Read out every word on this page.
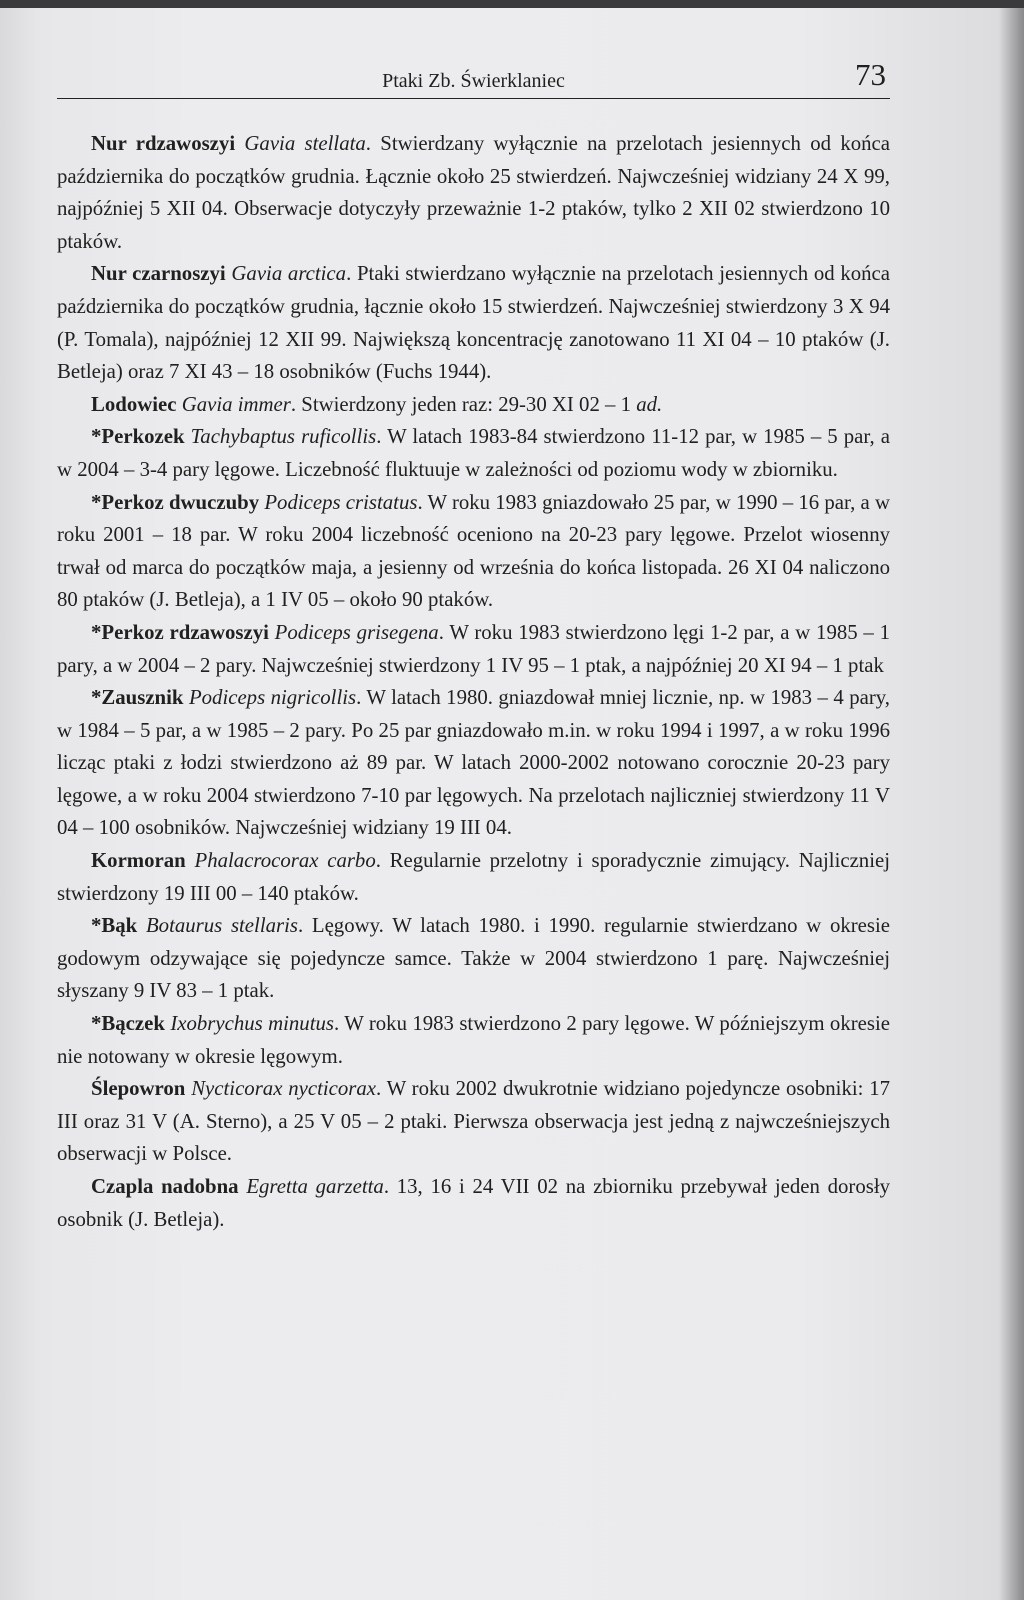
Ptaki Zb. Świerklaniec	73

Nur rdzawoszyi Gavia stellata. Stwierdzany wyłącznie na przelotach jesiennych od końca października do początków grudnia. Łącznie około 25 stwierdzeń. Najwcześniej widziany 24 X 99, najpóźniej 5 XII 04. Obserwacje dotyczyły przeważnie 1-2 ptaków, tylko 2 XII 02 stwierdzono 10 ptaków.

Nur czarnoszyi Gavia arctica. Ptaki stwierdzano wyłącznie na przelotach jesiennych od końca października do początków grudnia, łącznie około 15 stwierdzeń. Najwcześniej stwierdzony 3 X 94 (P. Tomala), najpóźniej 12 XII 99. Największą koncentrację zanotowano 11 XI 04 – 10 ptaków (J. Betleja) oraz 7 XI 43 – 18 osobników (Fuchs 1944).

Lodowiec Gavia immer. Stwierdzony jeden raz: 29-30 XI 02 – 1 ad.

*Perkozek Tachybaptus ruficollis. W latach 1983-84 stwierdzono 11-12 par, w 1985 – 5 par, a w 2004 – 3-4 pary lęgowe. Liczebność fluktuuje w zależności od poziomu wody w zbiorniku.

*Perkoz dwuczuby Podiceps cristatus. W roku 1983 gniazdowało 25 par, w 1990 – 16 par, a w roku 2001 – 18 par. W roku 2004 liczebność oceniono na 20-23 pary lęgowe. Przelot wiosenny trwał od marca do początków maja, a jesienny od września do końca listopada. 26 XI 04 naliczono 80 ptaków (J. Betleja), a 1 IV 05 – około 90 ptaków.

*Perkoz rdzawoszyi Podiceps grisegena. W roku 1983 stwierdzono lęgi 1-2 par, a w 1985 – 1 pary, a w 2004 – 2 pary. Najwcześniej stwierdzony 1 IV 95 – 1 ptak, a najpóźniej 20 XI 94 – 1 ptak

*Zausznik Podiceps nigricollis. W latach 1980. gniazdował mniej licznie, np. w 1983 – 4 pary, w 1984 – 5 par, a w 1985 – 2 pary. Po 25 par gniazdowało m.in. w roku 1994 i 1997, a w roku 1996 licząc ptaki z łodzi stwierdzono aż 89 par. W latach 2000-2002 notowano corocznie 20-23 pary lęgowe, a w roku 2004 stwierdzono 7-10 par lęgowych. Na przelotach najliczniej stwierdzony 11 V 04 – 100 osobników. Najwcześniej widziany 19 III 04.

Kormoran Phalacrocorax carbo. Regularnie przelotny i sporadycznie zimujący. Najliczniej stwierdzony 19 III 00 – 140 ptaków.

*Bąk Botaurus stellaris. Lęgowy. W latach 1980. i 1990. regularnie stwierdzano w okresie godowym odzywające się pojedyncze samce. Także w 2004 stwierdzono 1 parę. Najwcześniej słyszany 9 IV 83 – 1 ptak.

*Bączek Ixobrychus minutus. W roku 1983 stwierdzono 2 pary lęgowe. W późniejszym okresie nie notowany w okresie lęgowym.

Ślepowron Nycticorax nycticorax. W roku 2002 dwukrotnie widziano pojedyncze osobniki: 17 III oraz 31 V (A. Sterno), a 25 V 05 – 2 ptaki. Pierwsza obserwacja jest jedną z najwcześniejszych obserwacji w Polsce.

Czapla nadobna Egretta garzetta. 13, 16 i 24 VII 02 na zbiorniku przebywał jeden dorosły osobnik (J. Betleja).
